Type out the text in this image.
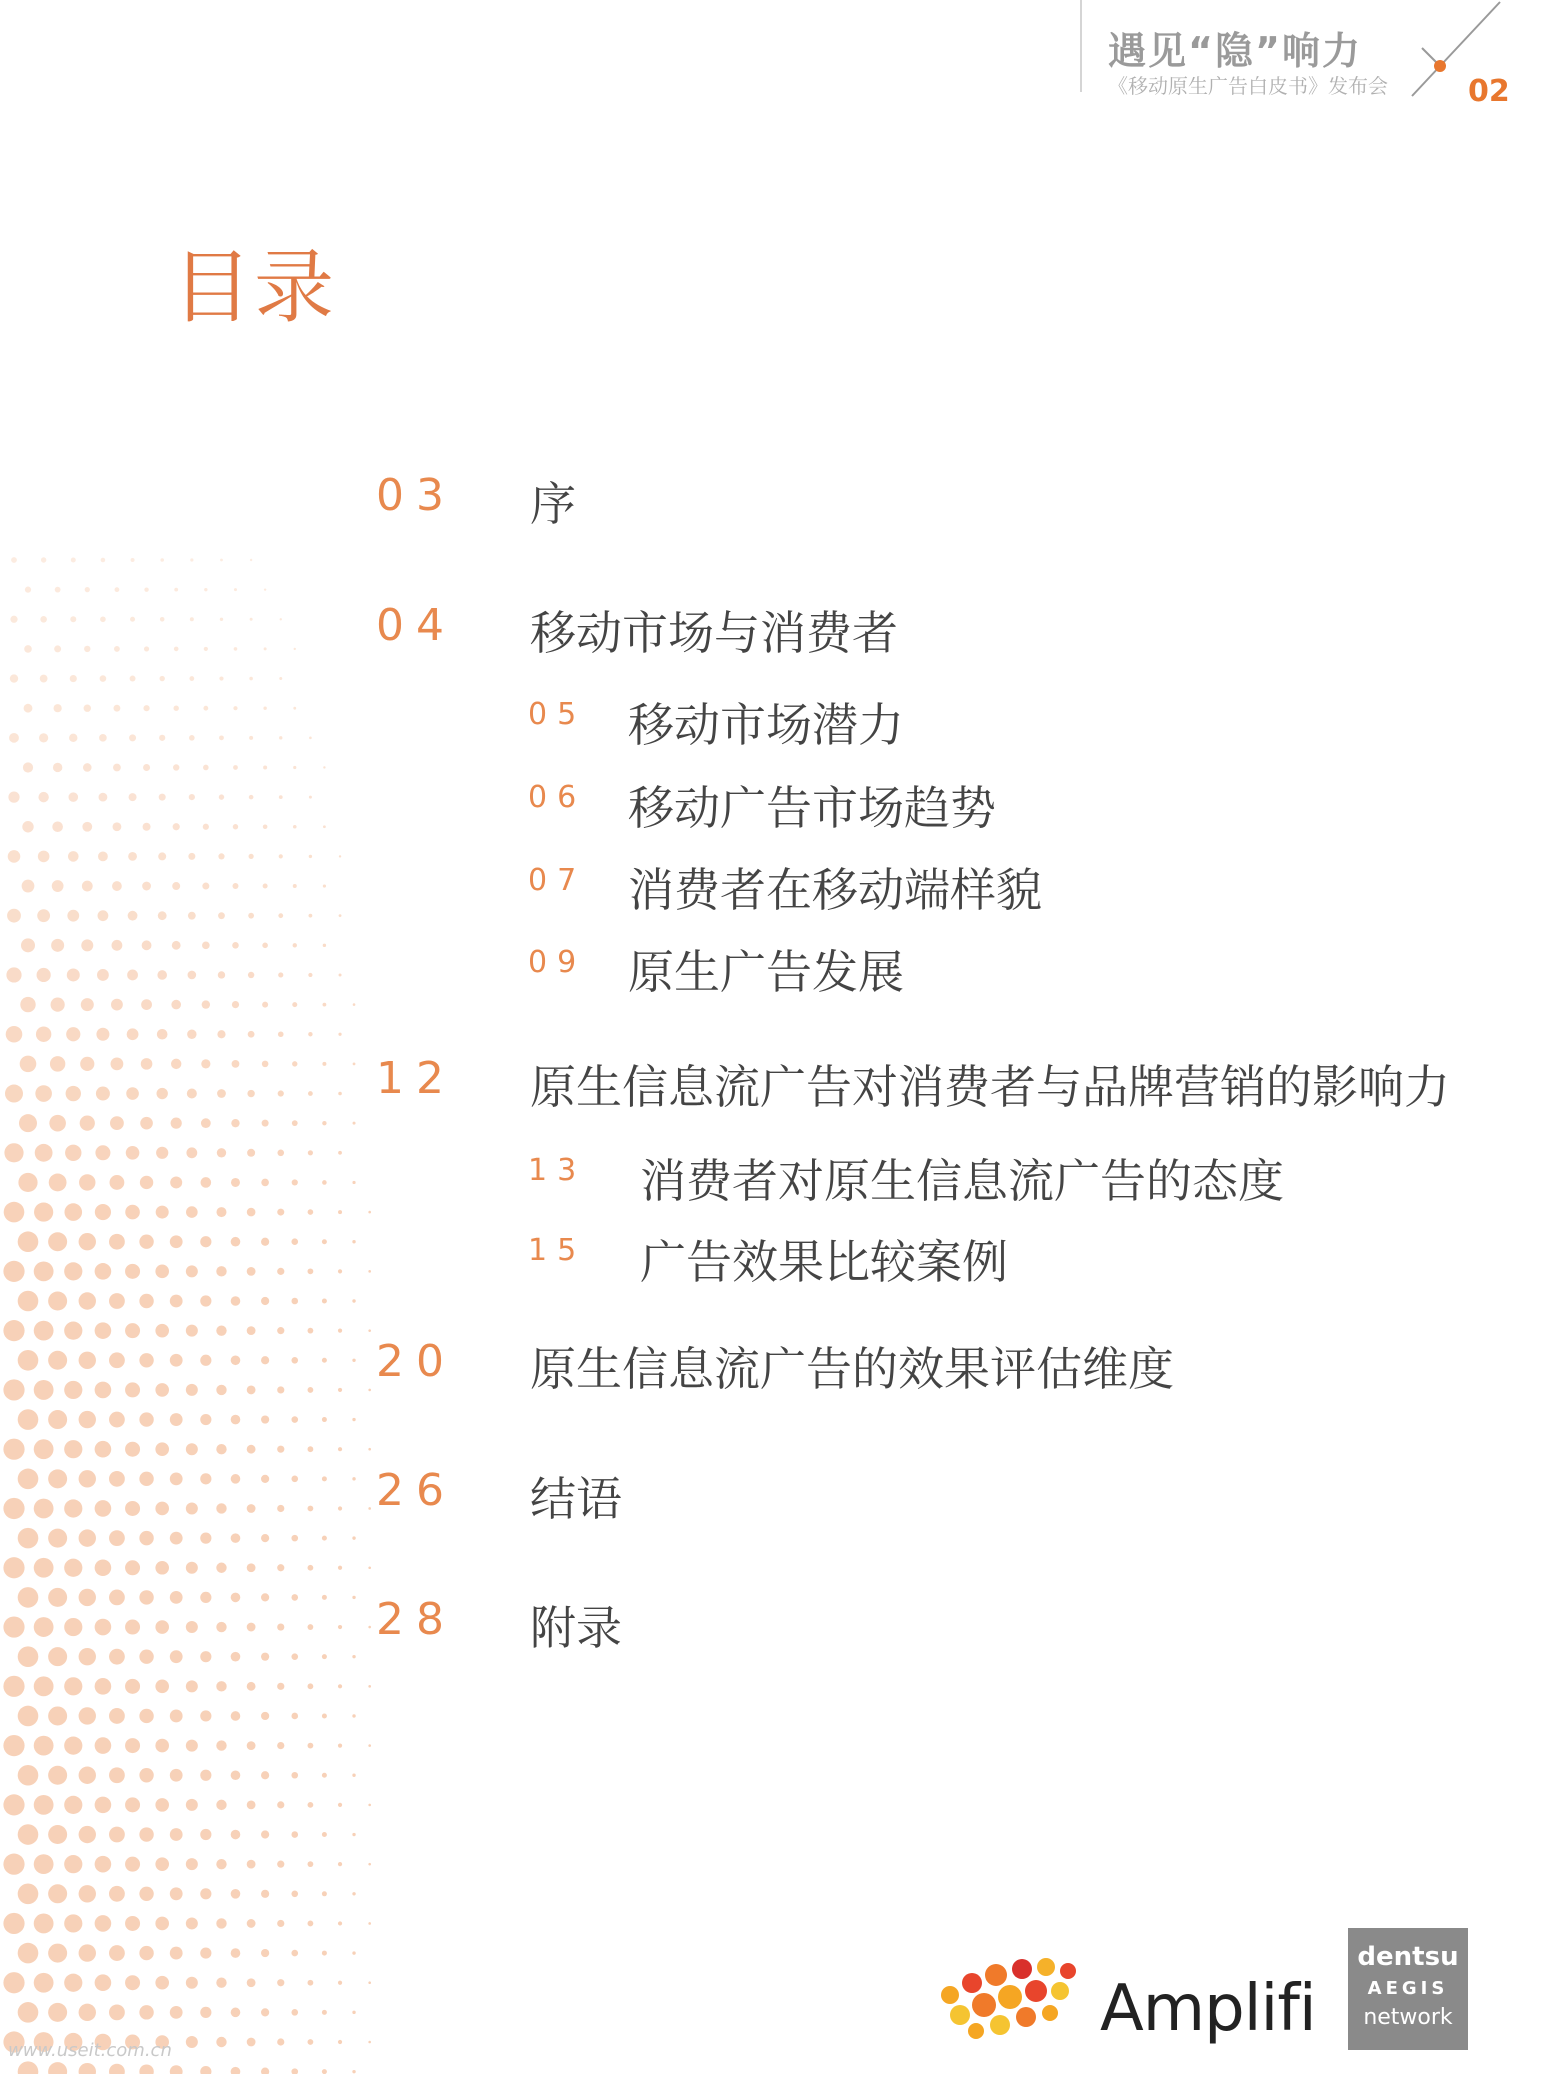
遇见“隐”响力
《移动原生广告白皮书》发布会	02
目录
03 序
04 移动市场与消费者
05 移动市场潜力
06 移动广告市场趋势
07 消费者在移动端样貌
09 原生广告发展
12 原生信息流广告对消费者与品牌营销的影响力
13 消费者对原生信息流广告的态度
15 广告效果比较案例
20 原生信息流广告的效果评估维度
26 结语
28 附录
Amplifi
dentsu
AEGIS
network
www.useit.com.cn
